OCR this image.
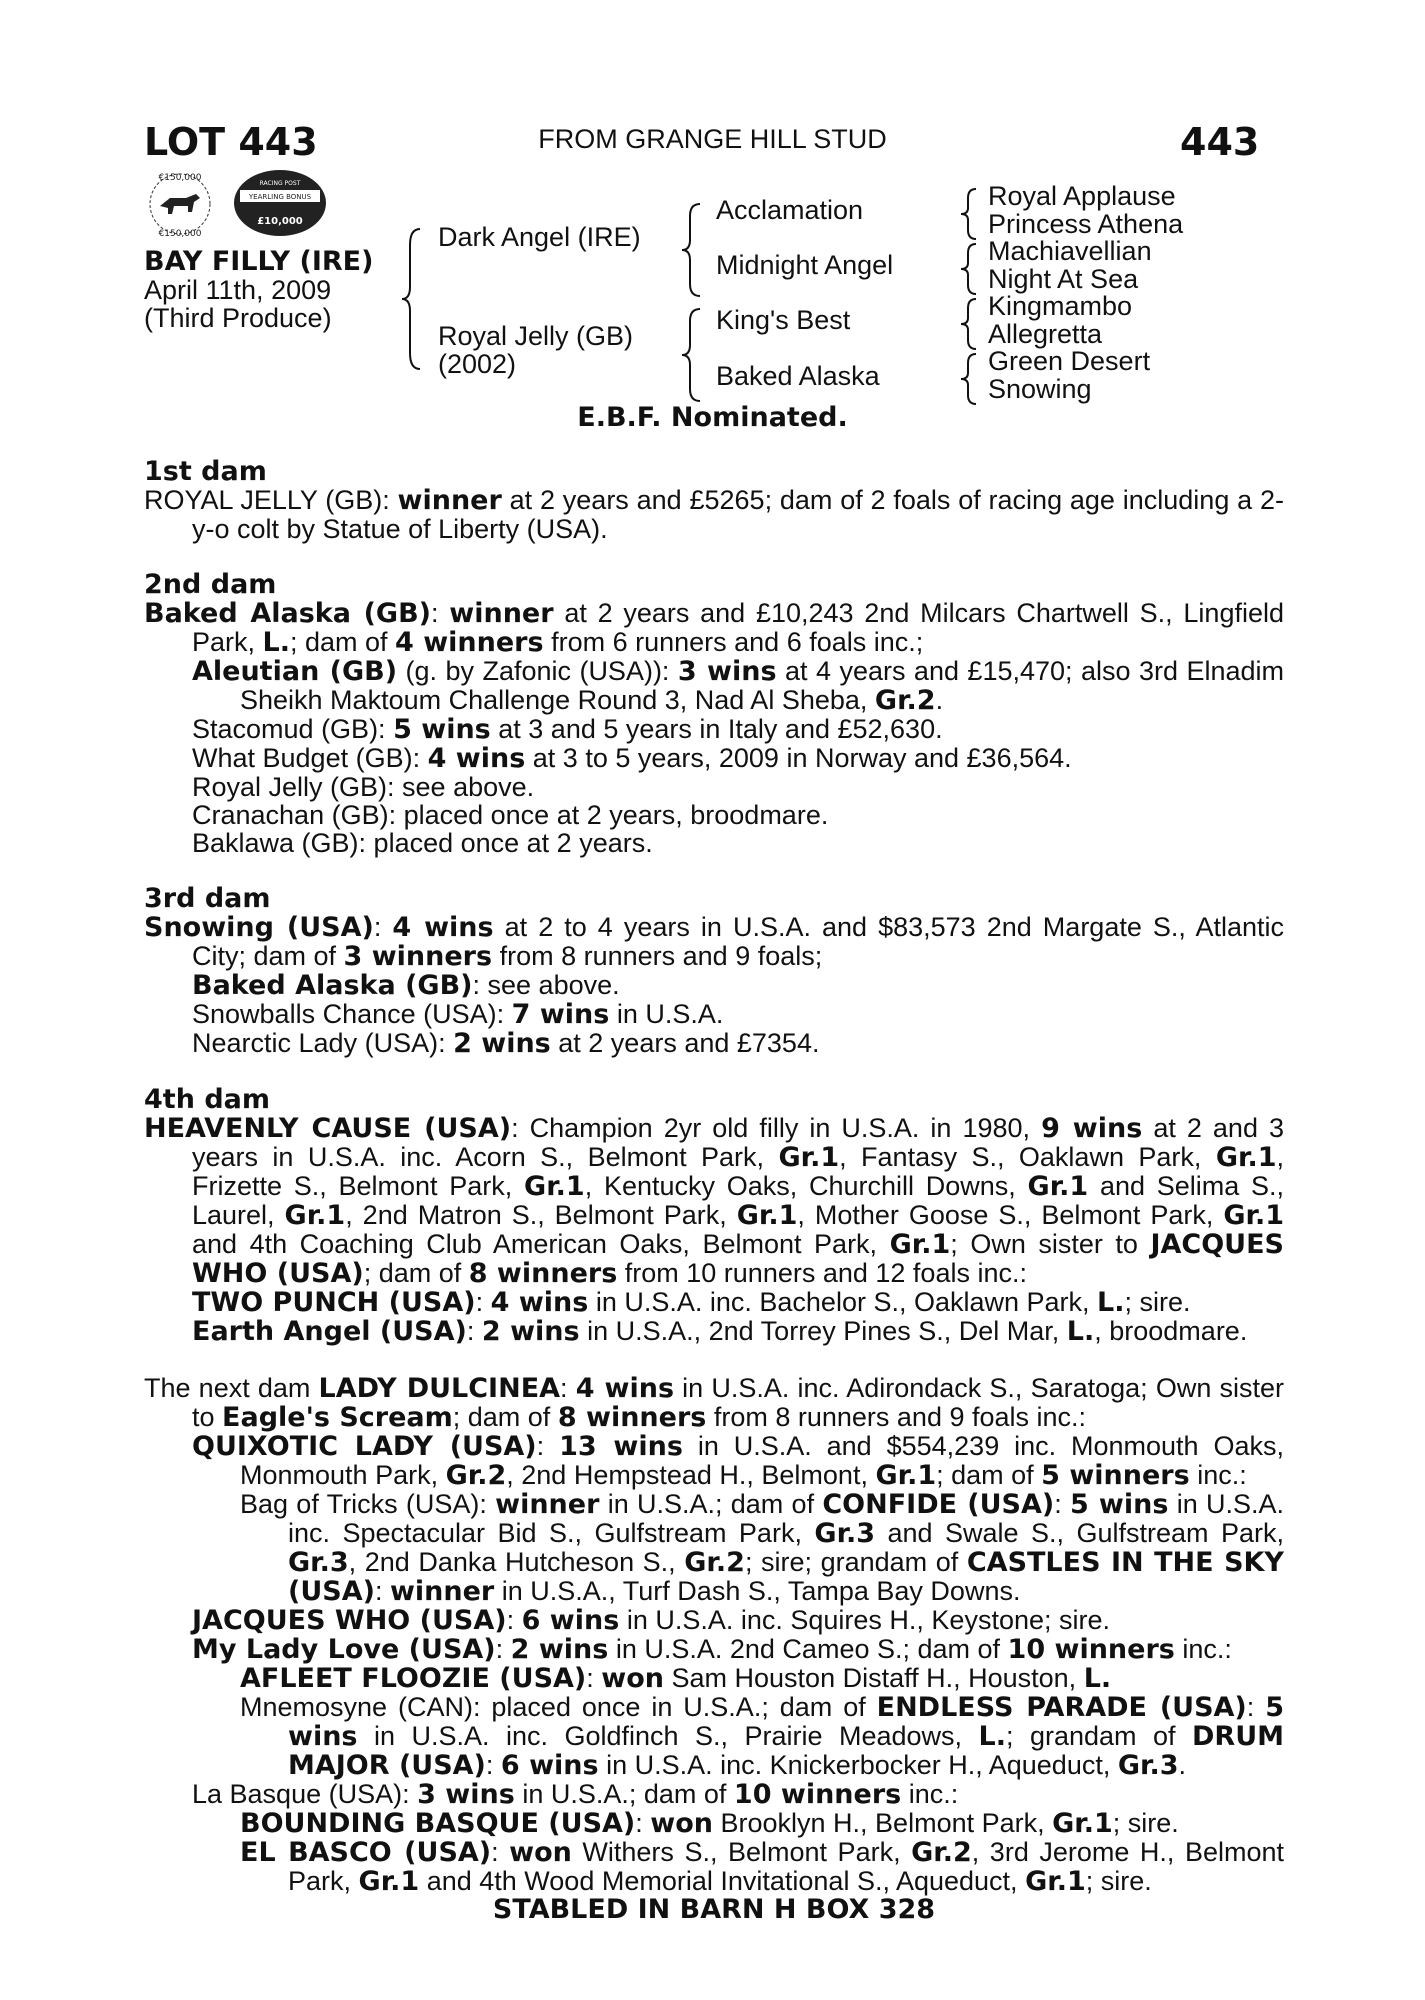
LOT 443	FROM GRANGE HILL STUD	443
€150,000
€150,000
RACING POST
YEARLING BONUS
£10,000
BAY FILLY (IRE)
April 11th, 2009
(Third Produce)
Dark Angel (IRE)
Royal Jelly (GB)
(2002)
Acclamation
Midnight Angel
King's Best
Baked Alaska
Royal Applause
Princess Athena
Machiavellian
Night At Sea
Kingmambo
Allegretta
Green Desert
Snowing
E.B.F. Nominated.

1st dam

ROYAL JELLY (GB): winner at 2 years and £5265; dam of 2 foals of racing age including a 2-y-o colt by Statue of Liberty (USA).

2nd dam

Baked Alaska (GB): winner at 2 years and £10,243 2nd Milcars Chartwell S., Lingfield Park, L.; dam of 4 winners from 6 runners and 6 foals inc.;

Aleutian (GB) (g. by Zafonic (USA)): 3 wins at 4 years and £15,470; also 3rd Elnadim Sheikh Maktoum Challenge Round 3, Nad Al Sheba, Gr.2.

Stacomud (GB): 5 wins at 3 and 5 years in Italy and £52,630.

What Budget (GB): 4 wins at 3 to 5 years, 2009 in Norway and £36,564.

Royal Jelly (GB): see above.

Cranachan (GB): placed once at 2 years, broodmare.

Baklawa (GB): placed once at 2 years.

3rd dam

Snowing (USA): 4 wins at 2 to 4 years in U.S.A. and $83,573 2nd Margate S., Atlantic City; dam of 3 winners from 8 runners and 9 foals;

Baked Alaska (GB): see above.

Snowballs Chance (USA): 7 wins in U.S.A.

Nearctic Lady (USA): 2 wins at 2 years and £7354.

4th dam

HEAVENLY CAUSE (USA): Champion 2yr old filly in U.S.A. in 1980, 9 wins at 2 and 3 years in U.S.A. inc. Acorn S., Belmont Park, Gr.1, Fantasy S., Oaklawn Park, Gr.1, Frizette S., Belmont Park, Gr.1, Kentucky Oaks, Churchill Downs, Gr.1 and Selima S., Laurel, Gr.1, 2nd Matron S., Belmont Park, Gr.1, Mother Goose S., Belmont Park, Gr.1 and 4th Coaching Club American Oaks, Belmont Park, Gr.1; Own sister to JACQUES WHO (USA); dam of 8 winners from 10 runners and 12 foals inc.:

TWO PUNCH (USA): 4 wins in U.S.A. inc. Bachelor S., Oaklawn Park, L.; sire.

Earth Angel (USA): 2 wins in U.S.A., 2nd Torrey Pines S., Del Mar, L., broodmare.

The next dam LADY DULCINEA: 4 wins in U.S.A. inc. Adirondack S., Saratoga; Own sister to Eagle's Scream; dam of 8 winners from 8 runners and 9 foals inc.:

QUIXOTIC LADY (USA): 13 wins in U.S.A. and $554,239 inc. Monmouth Oaks, Monmouth Park, Gr.2, 2nd Hempstead H., Belmont, Gr.1; dam of 5 winners inc.:

Bag of Tricks (USA): winner in U.S.A.; dam of CONFIDE (USA): 5 wins in U.S.A. inc. Spectacular Bid S., Gulfstream Park, Gr.3 and Swale S., Gulfstream Park, Gr.3, 2nd Danka Hutcheson S., Gr.2; sire; grandam of CASTLES IN THE SKY (USA): winner in U.S.A., Turf Dash S., Tampa Bay Downs.

JACQUES WHO (USA): 6 wins in U.S.A. inc. Squires H., Keystone; sire.

My Lady Love (USA): 2 wins in U.S.A. 2nd Cameo S.; dam of 10 winners inc.:

AFLEET FLOOZIE (USA): won Sam Houston Distaff H., Houston, L.

Mnemosyne (CAN): placed once in U.S.A.; dam of ENDLESS PARADE (USA): 5 wins in U.S.A. inc. Goldfinch S., Prairie Meadows, L.; grandam of DRUM MAJOR (USA): 6 wins in U.S.A. inc. Knickerbocker H., Aqueduct, Gr.3.

La Basque (USA): 3 wins in U.S.A.; dam of 10 winners inc.:

BOUNDING BASQUE (USA): won Brooklyn H., Belmont Park, Gr.1; sire.

EL BASCO (USA): won Withers S., Belmont Park, Gr.2, 3rd Jerome H., Belmont Park, Gr.1 and 4th Wood Memorial Invitational S., Aqueduct, Gr.1; sire.

STABLED IN BARN H BOX 328
